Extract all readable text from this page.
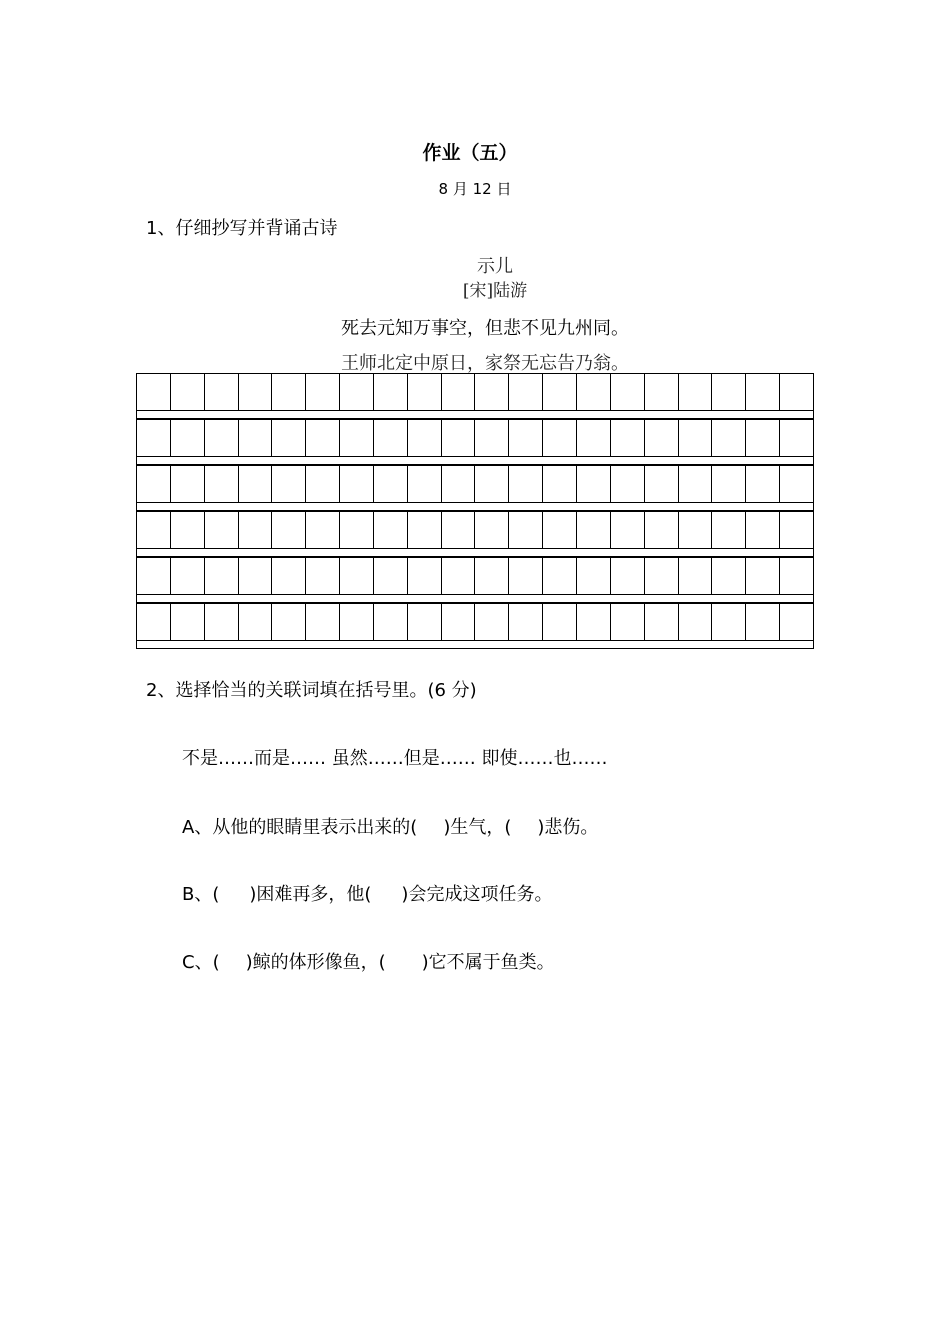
作业（五）
8 月 12 日
1、仔细抄写并背诵古诗
示儿
[宋]陆游
死去元知万事空，但悲不见九州同。
王师北定中原日，家祭无忘告乃翁。
2、选择恰当的关联词填在括号里。(6 分)
不是……而是…… 虽然……但是…… 即使……也……
A、从他的眼睛里表示出来的( )生气，( )悲伤。
B、( )困难再多，他( )会完成这项任务。
C、( )鲸的体形像鱼，( )它不属于鱼类。
